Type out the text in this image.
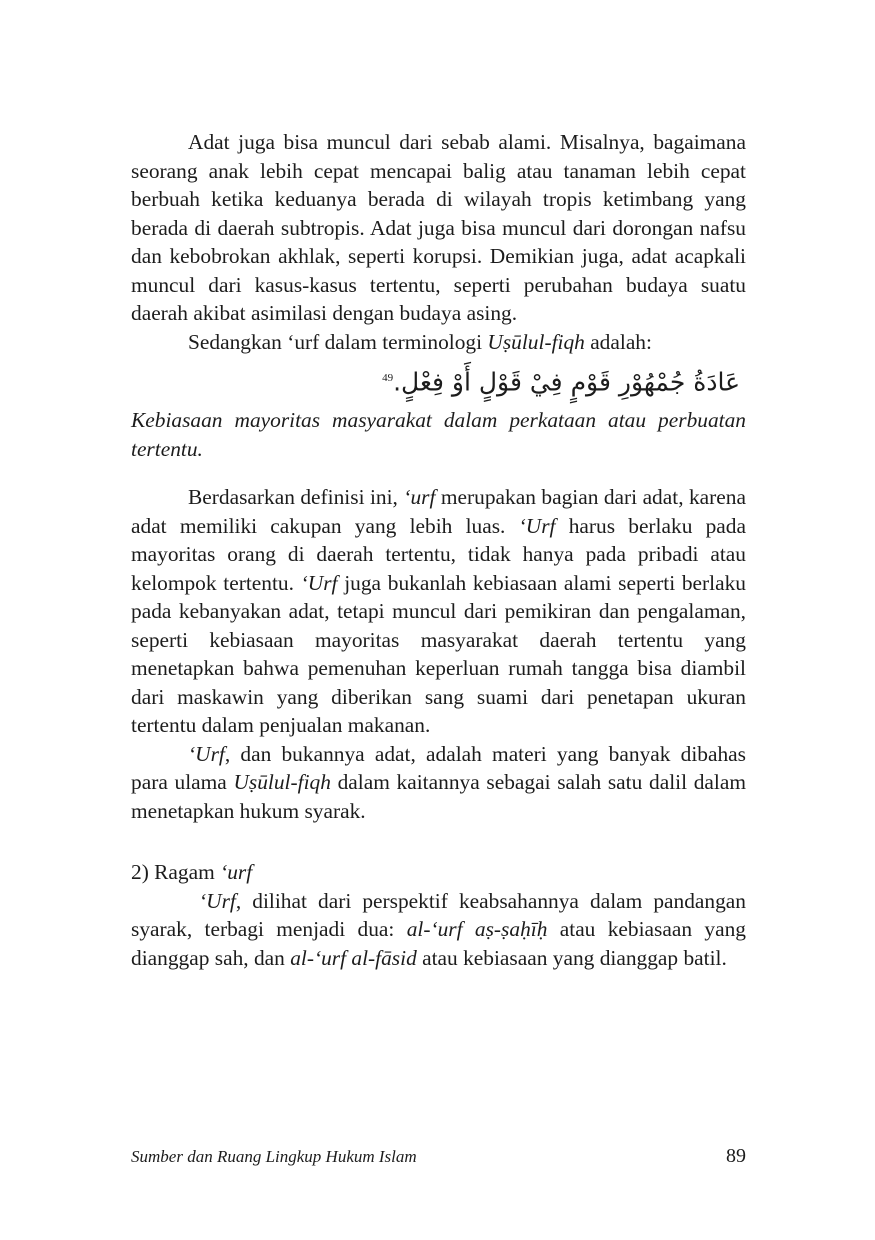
Adat juga bisa muncul dari sebab alami. Misalnya, bagaimana seorang anak lebih cepat mencapai balig atau tanaman lebih cepat berbuah ketika keduanya berada di wilayah tropis ketimbang yang berada di daerah subtropis. Adat juga bisa muncul dari dorongan nafsu dan kebobrokan akhlak, seperti korupsi. Demikian juga, adat acapkali muncul dari kasus-kasus tertentu, seperti perubahan budaya suatu daerah akibat asimilasi dengan budaya asing.

Sedangkan ‘urf dalam terminologi Uṣūlul-fiqh adalah:

عَادَةُ جُمْهُوْرِ قَوْمٍ فِيْ قَوْلٍ أَوْ فِعْلٍ.$^{49}$

Kebiasaan mayoritas masyarakat dalam perkataan atau perbuatan tertentu.

Berdasarkan definisi ini, ‘urf merupakan bagian dari adat, karena adat memiliki cakupan yang lebih luas. ‘Urf harus berlaku pada mayoritas orang di daerah tertentu, tidak hanya pada pribadi atau kelompok tertentu. ‘Urf juga bukanlah kebiasaan alami seperti berlaku pada kebanyakan adat, tetapi muncul dari pemikiran dan pengalaman, seperti kebiasaan mayoritas masyarakat daerah tertentu yang menetapkan bahwa pemenuhan keperluan rumah tangga bisa diambil dari maskawin yang diberikan sang suami dari penetapan ukuran tertentu dalam penjualan makanan.

‘Urf, dan bukannya adat, adalah materi yang banyak dibahas para ulama Uṣūlul-fiqh dalam kaitannya sebagai salah satu dalil dalam menetapkan hukum syarak.

2) Ragam ‘urf

‘Urf, dilihat dari perspektif keabsahannya dalam pandangan syarak, terbagi menjadi dua: al-‘urf aṣ-ṣaḥīḥ atau kebiasaan yang dianggap sah, dan al-‘urf al-fāsid atau kebiasaan yang dianggap batil.

Sumber dan Ruang Lingkup Hukum Islam	89
